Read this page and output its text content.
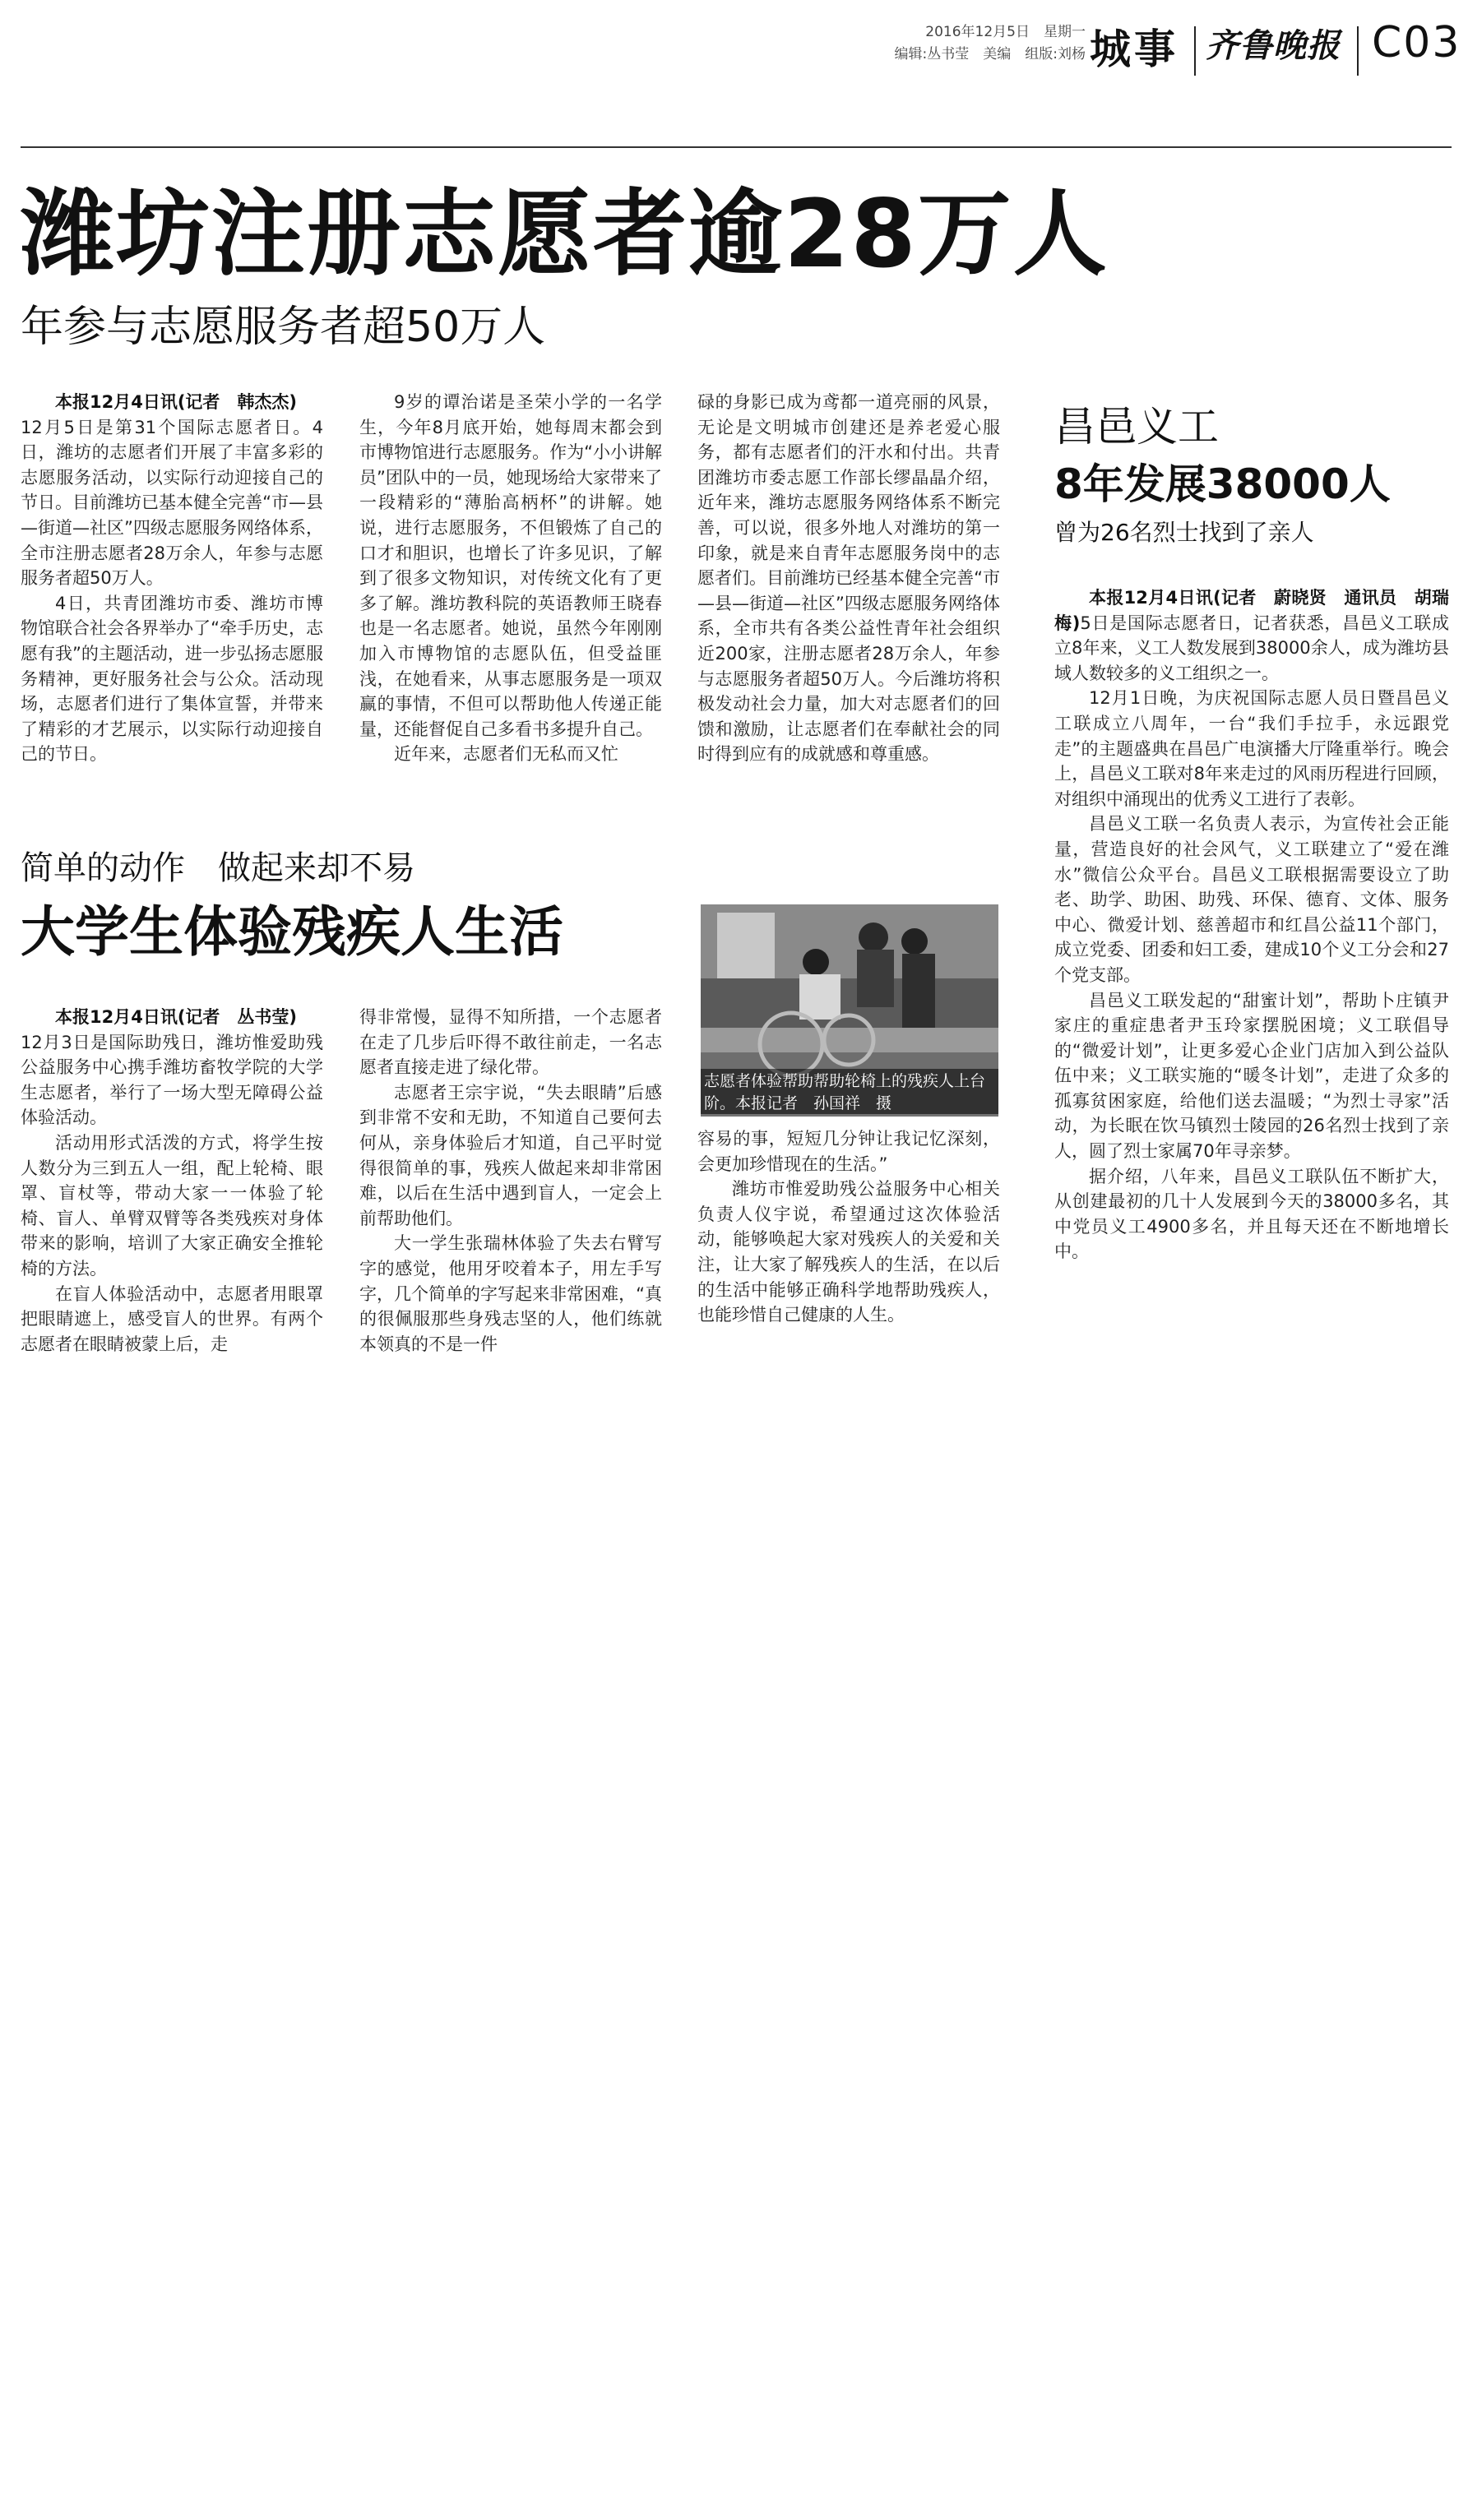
2016年12月5日　星期一
编辑:丛书莹　美编　组版:刘杨 城事 齐鲁晚报 C03
潍坊注册志愿者逾28万人
年参与志愿服务者超50万人

本报12月4日讯(记者　韩杰杰)

12月5日是第31个国际志愿者日。4日，潍坊的志愿者们开展了丰富多彩的志愿服务活动，以实际行动迎接自己的节日。目前潍坊已基本健全完善“市—县—街道—社区”四级志愿服务网络体系，全市注册志愿者28万余人，年参与志愿服务者超50万人。

4日，共青团潍坊市委、潍坊市博物馆联合社会各界举办了“牵手历史，志愿有我”的主题活动，进一步弘扬志愿服务精神，更好服务社会与公众。活动现场，志愿者们进行了集体宣誓，并带来了精彩的才艺展示，以实际行动迎接自己的节日。

9岁的谭治诺是圣荣小学的一名学生，今年8月底开始，她每周末都会到市博物馆进行志愿服务。作为“小小讲解员”团队中的一员，她现场给大家带来了一段精彩的“薄胎高柄杯”的讲解。她说，进行志愿服务，不但锻炼了自己的口才和胆识，也增长了许多见识，了解到了很多文物知识，对传统文化有了更多了解。潍坊教科院的英语教师王晓春也是一名志愿者。她说，虽然今年刚刚加入市博物馆的志愿队伍，但受益匪浅，在她看来，从事志愿服务是一项双赢的事情，不但可以帮助他人传递正能量，还能督促自己多看书多提升自己。

近年来，志愿者们无私而又忙

碌的身影已成为鸢都一道亮丽的风景，无论是文明城市创建还是养老爱心服务，都有志愿者们的汗水和付出。共青团潍坊市委志愿工作部长缪晶晶介绍，近年来，潍坊志愿服务网络体系不断完善，可以说，很多外地人对潍坊的第一印象，就是来自青年志愿服务岗中的志愿者们。目前潍坊已经基本健全完善“市—县—街道—社区”四级志愿服务网络体系，全市共有各类公益性青年社会组织近200家，注册志愿者28万余人，年参与志愿服务者超50万人。今后潍坊将积极发动社会力量，加大对志愿者们的回馈和激励，让志愿者们在奉献社会的同时得到应有的成就感和尊重感。

简单的动作　做起来却不易
大学生体验残疾人生活

本报12月4日讯(记者　丛书莹)

12月3日是国际助残日，潍坊惟爱助残公益服务中心携手潍坊畜牧学院的大学生志愿者，举行了一场大型无障碍公益体验活动。

活动用形式活泼的方式，将学生按人数分为三到五人一组，配上轮椅、眼罩、盲杖等，带动大家一一体验了轮椅、盲人、单臂双臂等各类残疾对身体带来的影响，培训了大家正确安全推轮椅的方法。

在盲人体验活动中，志愿者用眼罩把眼睛遮上，感受盲人的世界。有两个志愿者在眼睛被蒙上后，走

得非常慢，显得不知所措，一个志愿者在走了几步后吓得不敢往前走，一名志愿者直接走进了绿化带。

志愿者王宗宇说，“失去眼睛”后感到非常不安和无助，不知道自己要何去何从，亲身体验后才知道，自己平时觉得很简单的事，残疾人做起来却非常困难，以后在生活中遇到盲人，一定会上前帮助他们。

大一学生张瑞林体验了失去右臂写字的感觉，他用牙咬着本子，用左手写字，几个简单的字写起来非常困难，“真的很佩服那些身残志坚的人，他们练就本领真的不是一件

志愿者体验帮助帮助轮椅上的残疾人上台阶。本报记者　孙国祥　摄

容易的事，短短几分钟让我记忆深刻，会更加珍惜现在的生活。”

潍坊市惟爱助残公益服务中心相关负责人仪宇说，希望通过这次体验活动，能够唤起大家对残疾人的关爱和关注，让大家了解残疾人的生活，在以后的生活中能够正确科学地帮助残疾人，也能珍惜自己健康的人生。

昌邑义工
8年发展38000人
曾为26名烈士找到了亲人

本报12月4日讯(记者　蔚晓贤　通讯员　胡瑞梅)5日是国际志愿者日，记者获悉，昌邑义工联成立8年来，义工人数发展到38000余人，成为潍坊县域人数较多的义工组织之一。

12月1日晚，为庆祝国际志愿人员日暨昌邑义工联成立八周年，一台“我们手拉手，永远跟党走”的主题盛典在昌邑广电演播大厅隆重举行。晚会上，昌邑义工联对8年来走过的风雨历程进行回顾，对组织中涌现出的优秀义工进行了表彰。

昌邑义工联一名负责人表示，为宣传社会正能量，营造良好的社会风气，义工联建立了“爱在潍水”微信公众平台。昌邑义工联根据需要设立了助老、助学、助困、助残、环保、德育、文体、服务中心、微爱计划、慈善超市和红昌公益11个部门，成立党委、团委和妇工委，建成10个义工分会和27个党支部。

昌邑义工联发起的“甜蜜计划”，帮助卜庄镇尹家庄的重症患者尹玉玲家摆脱困境；义工联倡导的“微爱计划”，让更多爱心企业门店加入到公益队伍中来；义工联实施的“暖冬计划”，走进了众多的孤寡贫困家庭，给他们送去温暖；“为烈士寻家”活动，为长眠在饮马镇烈士陵园的26名烈士找到了亲人，圆了烈士家属70年寻亲梦。

据介绍，八年来，昌邑义工联队伍不断扩大，从创建最初的几十人发展到今天的38000多名，其中党员义工4900多名，并且每天还在不断地增长中。
